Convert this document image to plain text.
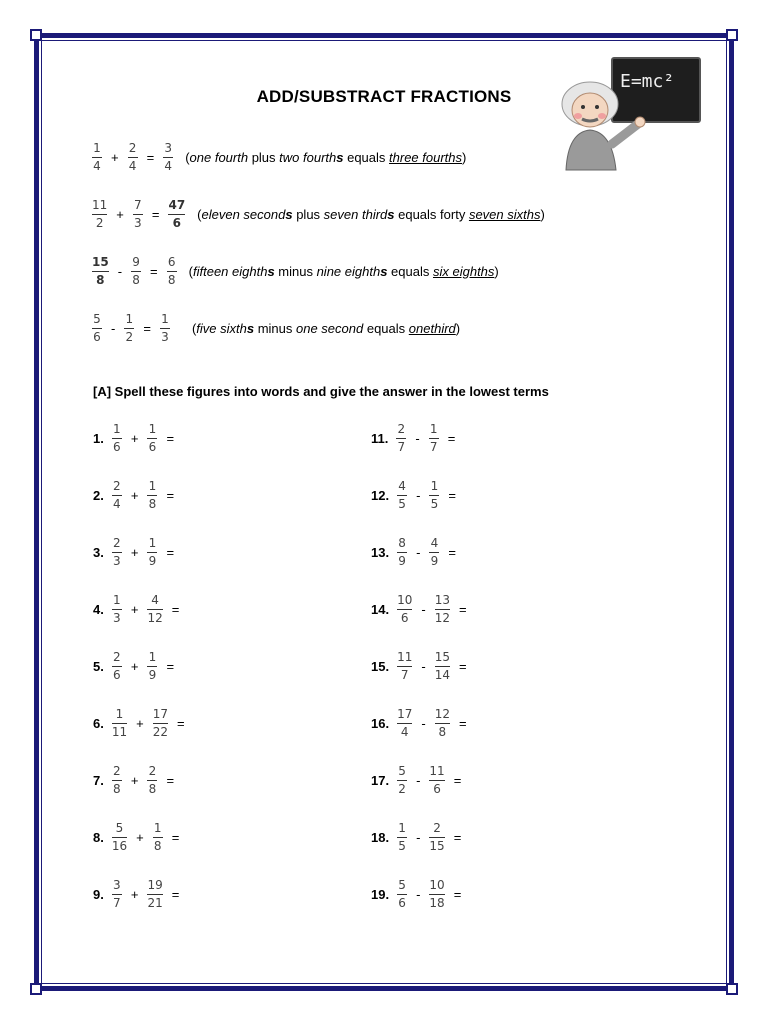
ADD/SUBSTRACT FRACTIONS
E=mc²
$\frac{1}{4} + \frac{2}{4} = \frac{3}{4} (one$ fourth plus two fourths equals three fourths)
$\frac{11}{2} + \frac{7}{3} = \frac{47}{6}$ (eleven seconds plus seven thirds equals forty seven sixths)
$\frac{15}{8} - \frac{9}{8} = \frac{6}{8}$ (fifteen eighths minus nine eighths equals six eighths)
$\frac{5}{6} - \frac{1}{2} = \frac{1}{3}$ (five sixths minus one second equals onethird)
[A] Spell these figures into words and give the answer in the lowest terms
1. $\frac{1}{6} + \frac{1}{6}$ =
2. $\frac{2}{4} + \frac{1}{8}$ =
3. $\frac{2}{3} + \frac{1}{9}$ =
4. $\frac{1}{3} + \frac{4}{12}$ =
5. $\frac{2}{6} + \frac{1}{9}$ =
6. $\frac{1}{11} + \frac{17}{22}$ =
7. $\frac{2}{8} + \frac{2}{8}$ =
8. $\frac{5}{16} + \frac{1}{8}$ =
9. $\frac{3}{7} + \frac{19}{21}$ =
11. $\frac{2}{7} - \frac{1}{7}$ =
12. $\frac{4}{5} - \frac{1}{5}$ =
13. $\frac{8}{9} - \frac{4}{9}$ =
14. $\frac{10}{6} - \frac{13}{12}$ =
15. $\frac{11}{7} - \frac{15}{14}$ =
16. $\frac{17}{4} - \frac{12}{8}$ =
17. $\frac{5}{2} - \frac{11}{6}$ =
18. $\frac{1}{5} - \frac{2}{15}$ =
19. $\frac{5}{6} - \frac{10}{18}$ =
